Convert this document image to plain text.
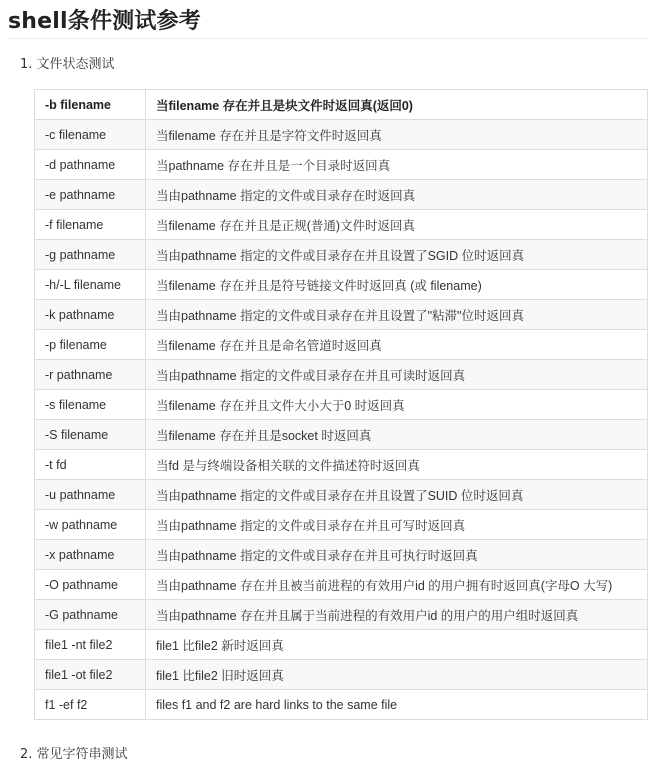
shell条件测试参考
1. 文件状态测试
-b filename	当filename 存在并且是块文件时返回真(返回0)
-c filename	当filename 存在并且是字符文件时返回真
-d pathname	当pathname 存在并且是一个目录时返回真
-e pathname	当由pathname 指定的文件或目录存在时返回真
-f filename	当filename 存在并且是正规(普通)文件时返回真
-g pathname	当由pathname 指定的文件或目录存在并且设置了SGID 位时返回真
-h/-L filename	当filename 存在并且是符号链接文件时返回真 (或 filename)
-k pathname	当由pathname 指定的文件或目录存在并且设置了"粘滞"位时返回真
-p filename	当filename 存在并且是命名管道时返回真
-r pathname	当由pathname 指定的文件或目录存在并且可读时返回真
-s filename	当filename 存在并且文件大小大于0 时返回真
-S filename	当filename 存在并且是socket 时返回真
-t fd	当fd 是与终端设备相关联的文件描述符时返回真
-u pathname	当由pathname 指定的文件或目录存在并且设置了SUID 位时返回真
-w pathname	当由pathname 指定的文件或目录存在并且可写时返回真
-x pathname	当由pathname 指定的文件或目录存在并且可执行时返回真
-O pathname	当由pathname 存在并且被当前进程的有效用户id 的用户拥有时返回真(字母O 大写)
-G pathname	当由pathname 存在并且属于当前进程的有效用户id 的用户的用户组时返回真
file1 -nt file2	file1 比file2 新时返回真
file1 -ot file2	file1 比file2 旧时返回真
f1 -ef f2	files f1 and f2 are hard links to the same file
2. 常见字符串测试
